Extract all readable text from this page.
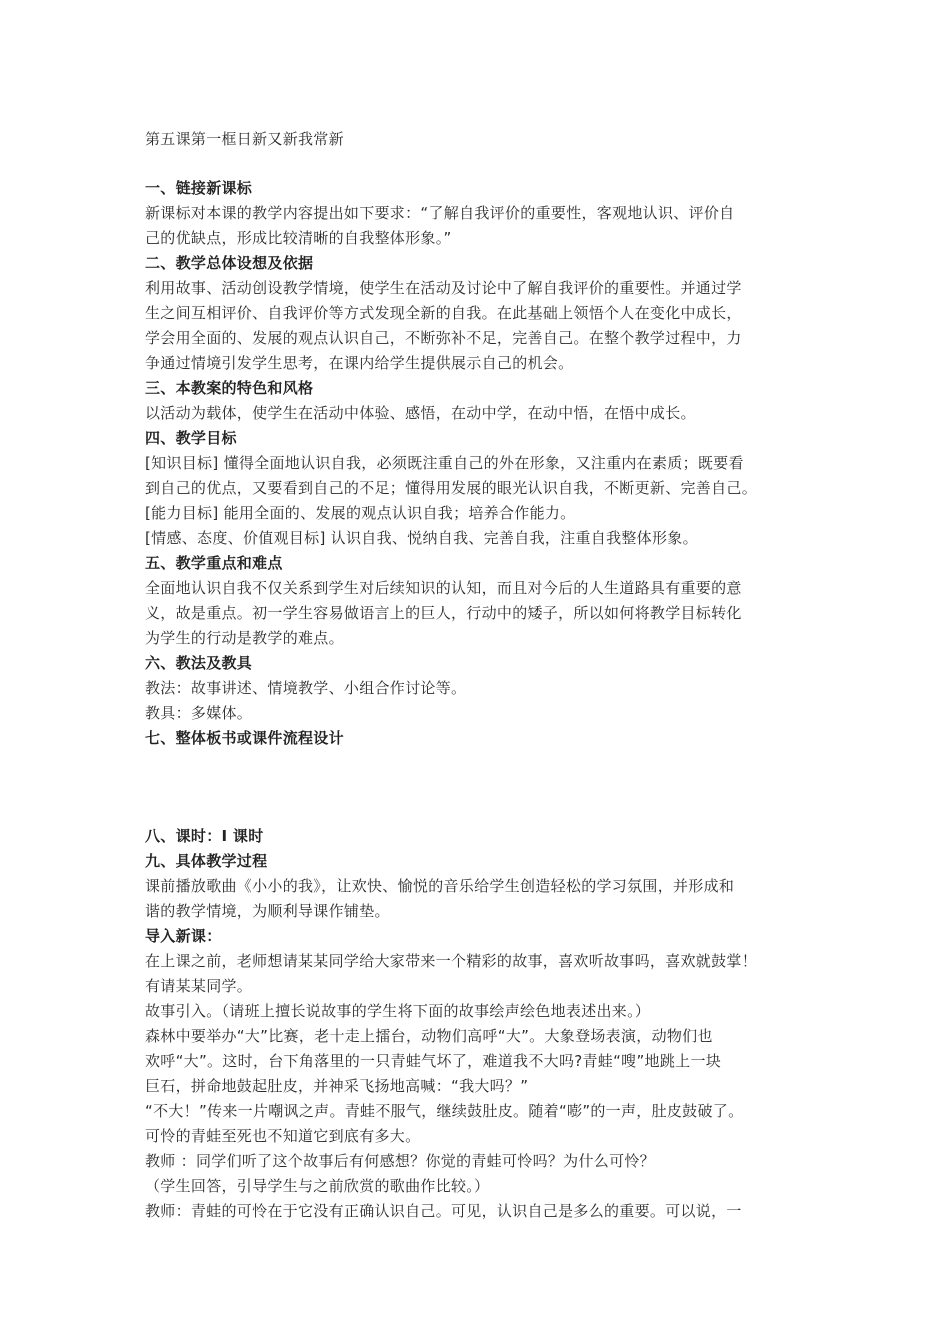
第五课第一框日新又新我常新
一、链接新课标
新课标对本课的教学内容提出如下要求：“了解自我评价的重要性，客观地认识、评价自
己的优缺点，形成比较清晰的自我整体形象。”
二、教学总体设想及依据
利用故事、活动创设教学情境，使学生在活动及讨论中了解自我评价的重要性。并通过学
生之间互相评价、自我评价等方式发现全新的自我。在此基础上领悟个人在变化中成长，
学会用全面的、发展的观点认识自己，不断弥补不足，完善自己。在整个教学过程中，力
争通过情境引发学生思考，在课内给学生提供展示自己的机会。
三、本教案的特色和风格
以活动为载体，使学生在活动中体验、感悟，在动中学，在动中悟，在悟中成长。
四、教学目标
[知识目标] 懂得全面地认识自我，必须既注重自己的外在形象，又注重内在素质；既要看
到自己的优点，又要看到自己的不足；懂得用发展的眼光认识自我，不断更新、完善自己。
[能力目标] 能用全面的、发展的观点认识自我；培养合作能力。
[情感、态度、价值观目标] 认识自我、悦纳自我、完善自我，注重自我整体形象。
五、教学重点和难点
全面地认识自我不仅关系到学生对后续知识的认知，而且对今后的人生道路具有重要的意
义，故是重点。初一学生容易做语言上的巨人，行动中的矮子，所以如何将教学目标转化
为学生的行动是教学的难点。
六、教法及教具
教法：故事讲述、情境教学、小组合作讨论等。
教具：多媒体。
七、整体板书或课件流程设计
八、课时：I 课时
九、具体教学过程
课前播放歌曲《小小的我》，让欢快、愉悦的音乐给学生创造轻松的学习氛围，并形成和
谐的教学情境，为顺利导课作铺垫。
导入新课：
在上课之前，老师想请某某同学给大家带来一个精彩的故事，喜欢听故事吗，喜欢就鼓掌！
有请某某同学。
故事引入。（请班上擅长说故事的学生将下面的故事绘声绘色地表述出来。）
森林中要举办“大”比赛，老十走上擂台，动物们高呼“大”。大象登场表演，动物们也
欢呼“大”。这时，台下角落里的一只青蛙气坏了，难道我不大吗?青蛙“嗖”地跳上一块
巨石，拼命地鼓起肚皮，并神采飞扬地高喊：“我大吗？”
“不大！”传来一片嘲讽之声。青蛙不服气，继续鼓肚皮。随着“嘭”的一声，肚皮鼓破了。
可怜的青蛙至死也不知道它到底有多大。
教师 ：同学们听了这个故事后有何感想？你觉的青蛙可怜吗？为什么可怜？
（学生回答，引导学生与之前欣赏的歌曲作比较。）
教师：青蛙的可怜在于它没有正确认识自己。可见，认识自己是多么的重要。可以说，一
